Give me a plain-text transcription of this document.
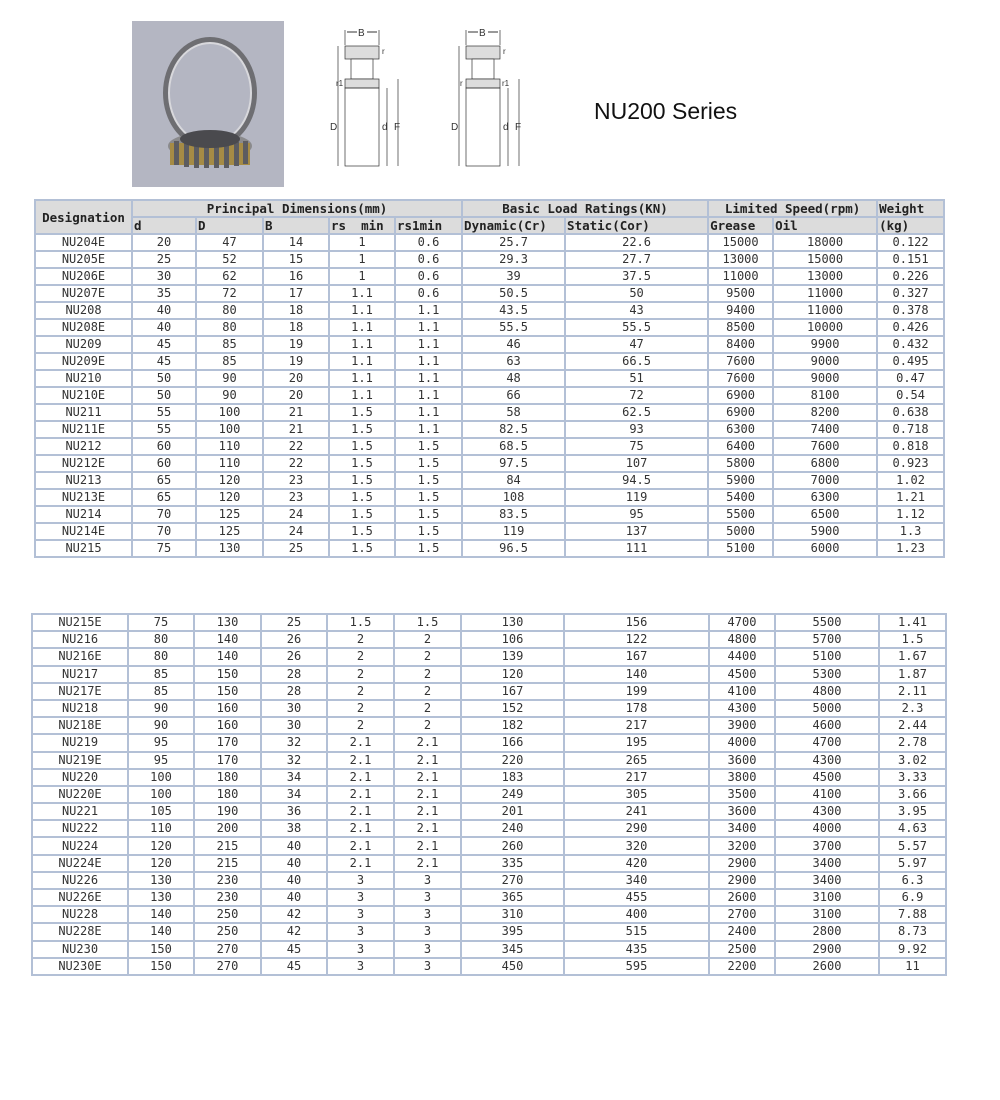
B
r
r1
D	d F
B
r
r	r1
D	d F
NU200 Series
Designation	Principal Dimensions(mm)					Basic Load Ratings(KN)		Limited Speed(rpm)		Weight
	d	D	B	rs  min	rs1min	Dynamic(Cr)	Static(Cor)	Grease	Oil	(kg)
NU204E	20	47	14	1	0.6	25.7	22.6	15000	18000	0.122
NU205E	25	52	15	1	0.6	29.3	27.7	13000	15000	0.151
NU206E	30	62	16	1	0.6	39	37.5	11000	13000	0.226
NU207E	35	72	17	1.1	0.6	50.5	50	9500	11000	0.327
NU208	40	80	18	1.1	1.1	43.5	43	9400	11000	0.378
NU208E	40	80	18	1.1	1.1	55.5	55.5	8500	10000	0.426
NU209	45	85	19	1.1	1.1	46	47	8400	9900	0.432
NU209E	45	85	19	1.1	1.1	63	66.5	7600	9000	0.495
NU210	50	90	20	1.1	1.1	48	51	7600	9000	0.47
NU210E	50	90	20	1.1	1.1	66	72	6900	8100	0.54
NU211	55	100	21	1.5	1.1	58	62.5	6900	8200	0.638
NU211E	55	100	21	1.5	1.1	82.5	93	6300	7400	0.718
NU212	60	110	22	1.5	1.5	68.5	75	6400	7600	0.818
NU212E	60	110	22	1.5	1.5	97.5	107	5800	6800	0.923
NU213	65	120	23	1.5	1.5	84	94.5	5900	7000	1.02
NU213E	65	120	23	1.5	1.5	108	119	5400	6300	1.21
NU214	70	125	24	1.5	1.5	83.5	95	5500	6500	1.12
NU214E	70	125	24	1.5	1.5	119	137	5000	5900	1.3
NU215	75	130	25	1.5	1.5	96.5	111	5100	6000	1.23
NU215E	75	130	25	1.5	1.5	130	156	4700	5500	1.41
NU216	80	140	26	2	2	106	122	4800	5700	1.5
NU216E	80	140	26	2	2	139	167	4400	5100	1.67
NU217	85	150	28	2	2	120	140	4500	5300	1.87
NU217E	85	150	28	2	2	167	199	4100	4800	2.11
NU218	90	160	30	2	2	152	178	4300	5000	2.3
NU218E	90	160	30	2	2	182	217	3900	4600	2.44
NU219	95	170	32	2.1	2.1	166	195	4000	4700	2.78
NU219E	95	170	32	2.1	2.1	220	265	3600	4300	3.02
NU220	100	180	34	2.1	2.1	183	217	3800	4500	3.33
NU220E	100	180	34	2.1	2.1	249	305	3500	4100	3.66
NU221	105	190	36	2.1	2.1	201	241	3600	4300	3.95
NU222	110	200	38	2.1	2.1	240	290	3400	4000	4.63
NU224	120	215	40	2.1	2.1	260	320	3200	3700	5.57
NU224E	120	215	40	2.1	2.1	335	420	2900	3400	5.97
NU226	130	230	40	3	3	270	340	2900	3400	6.3
NU226E	130	230	40	3	3	365	455	2600	3100	6.9
NU228	140	250	42	3	3	310	400	2700	3100	7.88
NU228E	140	250	42	3	3	395	515	2400	2800	8.73
NU230	150	270	45	3	3	345	435	2500	2900	9.92
NU230E	150	270	45	3	3	450	595	2200	2600	11
